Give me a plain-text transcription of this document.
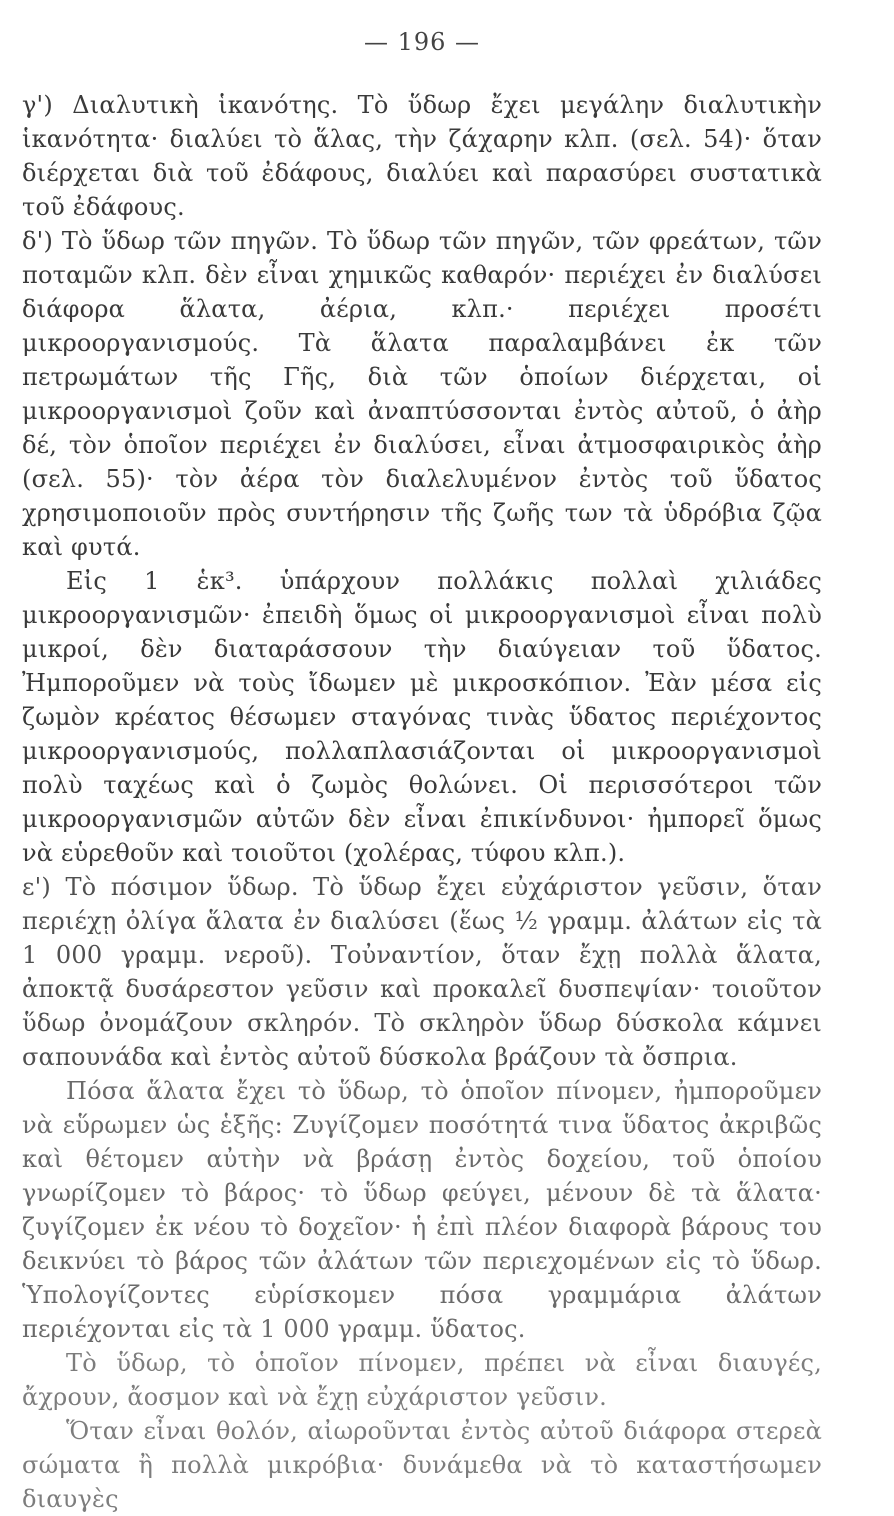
— 196 —

γ') Διαλυτικὴ ἱκανότης. Τὸ ὕδωρ ἔχει μεγάλην διαλυτικὴν ἱκανότητα· διαλύει τὸ ἅλας, τὴν ζάχαρην κλπ. (σελ. 54)· ὅταν διέρχεται διὰ τοῦ ἐδάφους, διαλύει καὶ παρασύρει συστατικὰ τοῦ ἐδάφους.

δ') Τὸ ὕδωρ τῶν πηγῶν. Τὸ ὕδωρ τῶν πηγῶν, τῶν φρεάτων, τῶν ποταμῶν κλπ. δὲν εἶναι χημικῶς καθαρόν· περιέχει ἐν διαλύσει διάφορα ἅλατα, ἀέρια, κλπ.· περιέχει προσέτι μικροοργανισμούς. Τὰ ἅλατα παραλαμβάνει ἐκ τῶν πετρωμάτων τῆς Γῆς, διὰ τῶν ὁποίων διέρχεται, οἱ μικροοργανισμοὶ ζοῦν καὶ ἀναπτύσσονται ἐντὸς αὐτοῦ, ὁ ἀὴρ δέ, τὸν ὁποῖον περιέχει ἐν διαλύσει, εἶναι ἀτμοσφαιρικὸς ἀὴρ (σελ. 55)· τὸν ἀέρα τὸν διαλελυμένον ἐντὸς τοῦ ὕδατος χρησιμοποιοῦν πρὸς συντήρησιν τῆς ζωῆς των τὰ ὑδρόβια ζῷα καὶ φυτά.

Εἰς 1 ἑκ³. ὑπάρχουν πολλάκις πολλαὶ χιλιάδες μικροοργανισμῶν· ἐπειδὴ ὅμως οἱ μικροοργανισμοὶ εἶναι πολὺ μικροί, δὲν διαταράσσουν τὴν διαύγειαν τοῦ ὕδατος. Ἠμποροῦμεν νὰ τοὺς ἴδωμεν μὲ μικροσκόπιον. Ἐὰν μέσα εἰς ζωμὸν κρέατος θέσωμεν σταγόνας τινὰς ὕδατος περιέχοντος μικροοργανισμούς, πολλαπλασιάζονται οἱ μικροοργανισμοὶ πολὺ ταχέως καὶ ὁ ζωμὸς θολώνει. Οἱ περισσότεροι τῶν μικροοργανισμῶν αὐτῶν δὲν εἶναι ἐπικίνδυνοι· ἠμπορεῖ ὅμως νὰ εὑρεθοῦν καὶ τοιοῦτοι (χολέρας, τύφου κλπ.).

ε') Τὸ πόσιμον ὕδωρ. Τὸ ὕδωρ ἔχει εὐχάριστον γεῦσιν, ὅταν περιέχῃ ὀλίγα ἅλατα ἐν διαλύσει (ἕως ½ γραμμ. ἀλάτων εἰς τὰ 1 000 γραμμ. νεροῦ). Τοὐναντίον, ὅταν ἔχῃ πολλὰ ἅλατα, ἀποκτᾷ δυσάρεστον γεῦσιν καὶ προκαλεῖ δυσπεψίαν· τοιοῦτον ὕδωρ ὀνομάζουν σκληρόν. Τὸ σκληρὸν ὕδωρ δύσκολα κάμνει σαπουνάδα καὶ ἐντὸς αὐτοῦ δύσκολα βράζουν τὰ ὄσπρια.

Πόσα ἅλατα ἔχει τὸ ὕδωρ, τὸ ὁποῖον πίνομεν, ἠμποροῦμεν νὰ εὕρωμεν ὡς ἑξῆς: Ζυγίζομεν ποσότητά τινα ὕδατος ἀκριβῶς καὶ θέτομεν αὐτὴν νὰ βράσῃ ἐντὸς δοχείου, τοῦ ὁποίου γνωρίζομεν τὸ βάρος· τὸ ὕδωρ φεύγει, μένουν δὲ τὰ ἅλατα· ζυγίζομεν ἐκ νέου τὸ δοχεῖον· ἡ ἐπὶ πλέον διαφορὰ βάρους του δεικνύει τὸ βάρος τῶν ἀλάτων τῶν περιεχομένων εἰς τὸ ὕδωρ. Ὑπολογίζοντες εὑρίσκομεν πόσα γραμμάρια ἀλάτων περιέχονται εἰς τὰ 1 000 γραμμ. ὕδατος.

Τὸ ὕδωρ, τὸ ὁποῖον πίνομεν, πρέπει νὰ εἶναι διαυγές, ἄχρουν, ἄοσμον καὶ νὰ ἔχῃ εὐχάριστον γεῦσιν.

Ὅταν εἶναι θολόν, αἰωροῦνται ἐντὸς αὐτοῦ διάφορα στερεὰ σώματα ἢ πολλὰ μικρόβια· δυνάμεθα νὰ τὸ καταστήσωμεν διαυγὲς
